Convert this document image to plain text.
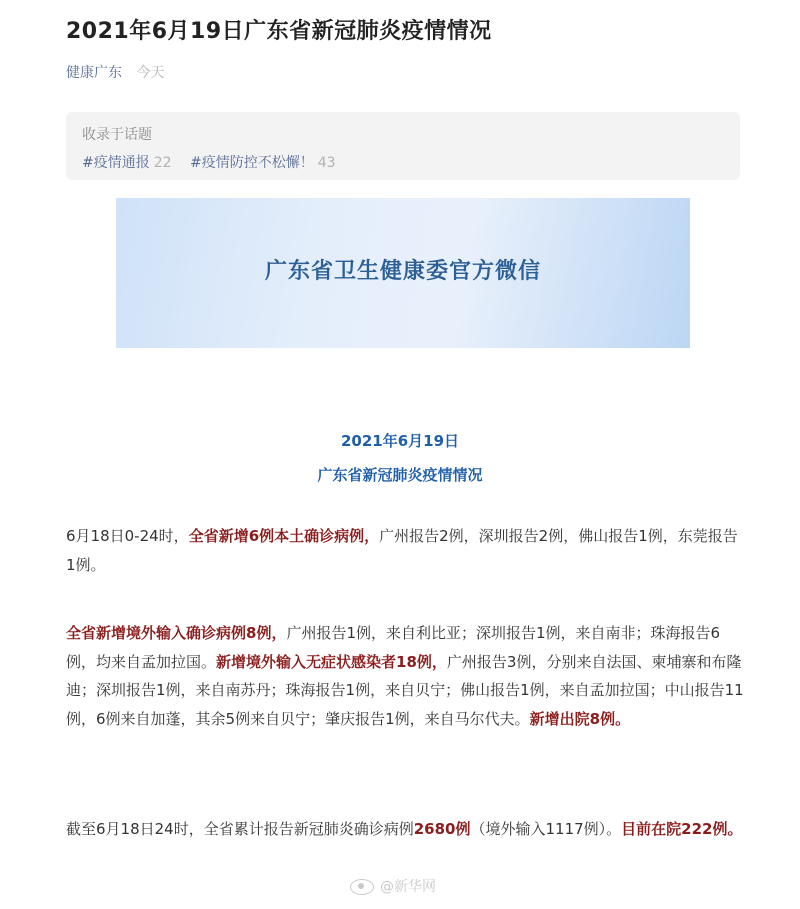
2021年6月19日广东省新冠肺炎疫情情况
健康广东 今天
收录于话题
#疫情通报 22 #疫情防控不松懈！ 43
广东省卫生健康委官方微信
2021年6月19日
广东省新冠肺炎疫情情况
6月18日0-24时，全省新增6例本土确诊病例，广州报告2例，深圳报告2例，佛山报告1例，东莞报告1例。
全省新增境外输入确诊病例8例，广州报告1例，来自利比亚；深圳报告1例，来自南非；珠海报告6例，均来自孟加拉国。新增境外输入无症状感染者18例，广州报告3例，分别来自法国、柬埔寨和布隆迪；深圳报告1例，来自南苏丹；珠海报告1例，来自贝宁；佛山报告1例，来自孟加拉国；中山报告11例，6例来自加蓬，其余5例来自贝宁；肇庆报告1例，来自马尔代夫。新增出院8例。
截至6月18日24时，全省累计报告新冠肺炎确诊病例2680例（境外输入1117例）。目前在院222例。
@新华网
